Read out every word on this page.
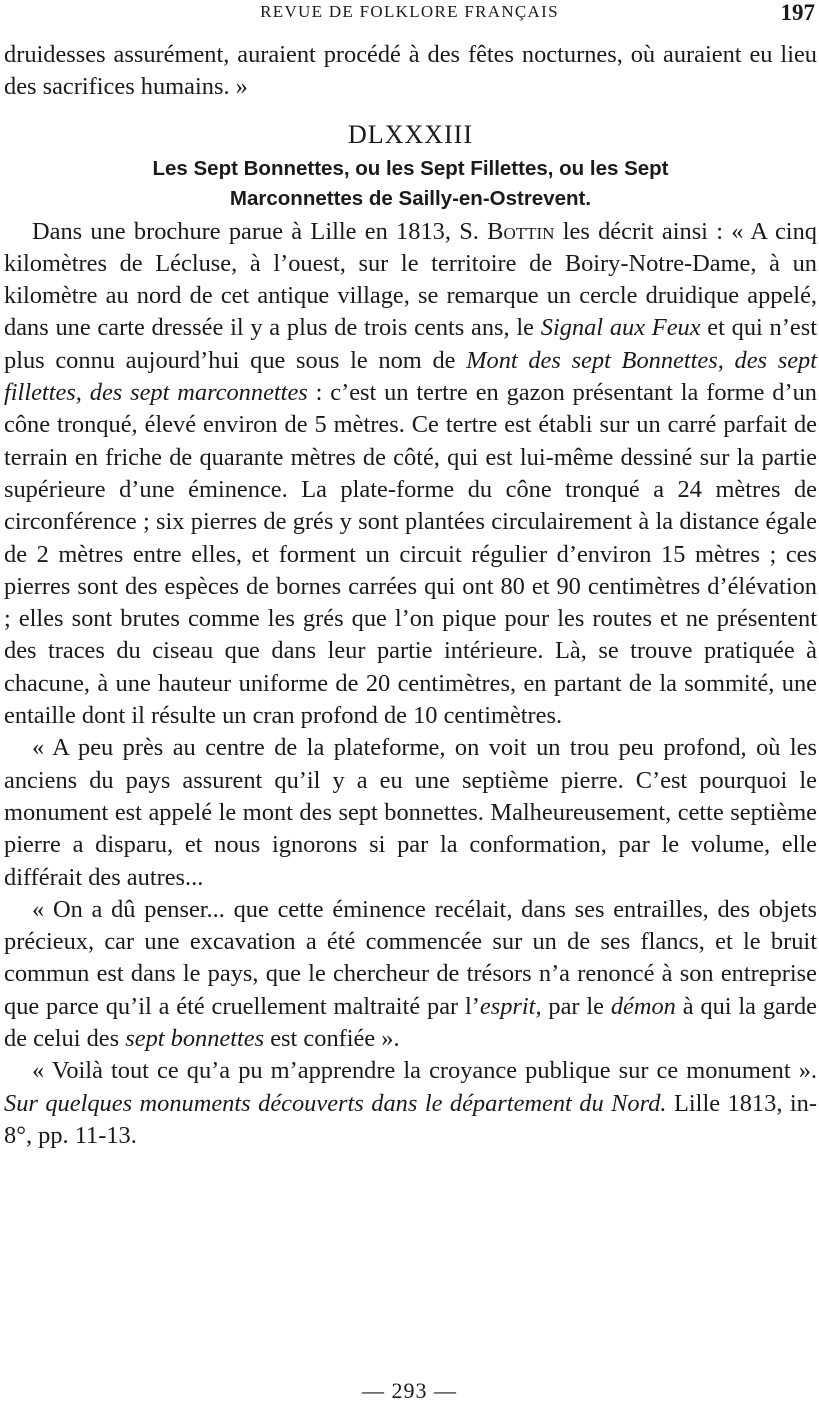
REVUE DE FOLKLORE FRANÇAIS	197

druidesses assurément, auraient procédé à des fêtes nocturnes, où auraient eu lieu des sacrifices humains. »

DLXXXIII

Les Sept Bonnettes, ou les Sept Fillettes, ou les Sept Marconnettes de Sailly-en-Ostrevent.

Dans une brochure parue à Lille en 1813, S. Bottin les décrit ainsi : « A cinq kilomètres de Lécluse, à l’ouest, sur le territoire de Boiry-Notre-Dame, à un kilomètre au nord de cet antique village, se remarque un cercle druidique appelé, dans une carte dressée il y a plus de trois cents ans, le Signal aux Feux et qui n’est plus connu aujourd’hui que sous le nom de Mont des sept Bonnettes, des sept fillettes, des sept marconnettes : c’est un tertre en gazon présentant la forme d’un cône tronqué, élevé environ de 5 mètres. Ce tertre est établi sur un carré parfait de terrain en friche de quarante mètres de côté, qui est lui-même dessiné sur la partie supérieure d’une éminence. La plate-forme du cône tronqué a 24 mètres de circonférence ; six pierres de grés y sont plantées circulairement à la distance égale de 2 mètres entre elles, et forment un circuit régulier d’environ 15 mètres ; ces pierres sont des espèces de bornes carrées qui ont 80 et 90 centimètres d’élévation ; elles sont brutes comme les grés que l’on pique pour les routes et ne présentent des traces du ciseau que dans leur partie intérieure. Là, se trouve pratiquée à chacune, à une hauteur uniforme de 20 centimètres, en partant de la sommité, une entaille dont il résulte un cran profond de 10 centimètres.

« A peu près au centre de la plateforme, on voit un trou peu profond, où les anciens du pays assurent qu’il y a eu une septième pierre. C’est pourquoi le monument est appelé le mont des sept bonnettes. Malheureusement, cette septième pierre a disparu, et nous ignorons si par la conformation, par le volume, elle différait des autres...

« On a dû penser... que cette éminence recélait, dans ses entrailles, des objets précieux, car une excavation a été commencée sur un de ses flancs, et le bruit commun est dans le pays, que le chercheur de trésors n’a renoncé à son entreprise que parce qu’il a été cruellement maltraité par l’esprit, par le démon à qui la garde de celui des sept bonnettes est confiée ».

« Voilà tout ce qu’a pu m’apprendre la croyance publique sur ce monument ». Sur quelques monuments découverts dans le département du Nord. Lille 1813, in-8°, pp. 11-13.

— 293 —
